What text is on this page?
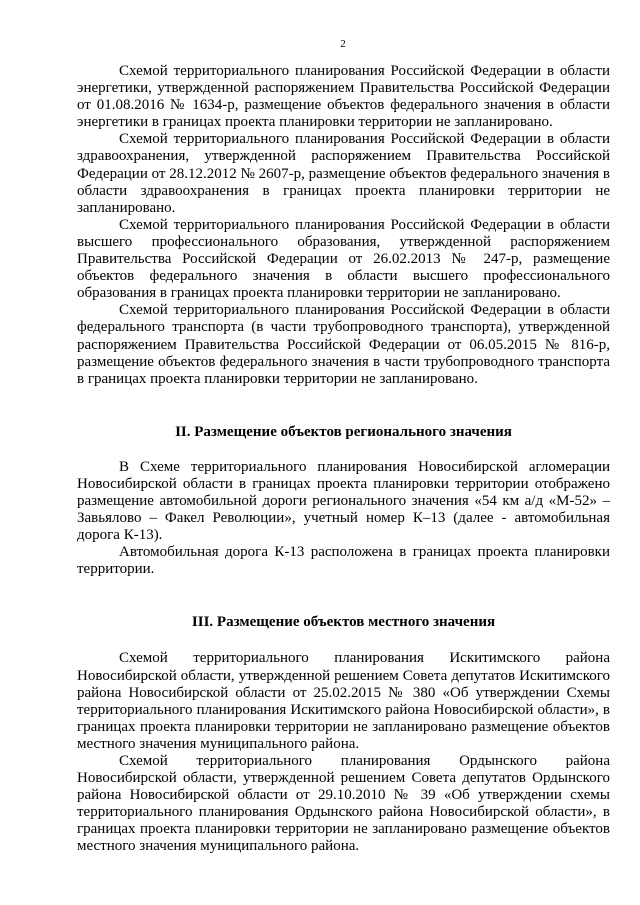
2

Схемой территориального планирования Российской Федерации в области энергетики, утвержденной распоряжением Правительства Российской Федерации от 01.08.2016 № 1634-р, размещение объектов федерального значения в области энергетики в границах проекта планировки территории не запланировано.

Схемой территориального планирования Российской Федерации в области здравоохранения, утвержденной распоряжением Правительства Российской Федерации от 28.12.2012 № 2607-р, размещение объектов федерального значения в области здравоохранения в границах проекта планировки территории не запланировано.

Схемой территориального планирования Российской Федерации в области высшего профессионального образования, утвержденной распоряжением Правительства Российской Федерации от 26.02.2013 № 247-р, размещение объектов федерального значения в области высшего профессионального образования в границах проекта планировки территории не запланировано.

Схемой территориального планирования Российской Федерации в области федерального транспорта (в части трубопроводного транспорта), утвержденной распоряжением Правительства Российской Федерации от 06.05.2015 № 816-р, размещение объектов федерального значения в части трубопроводного транспорта в границах проекта планировки территории не запланировано.

II. Размещение объектов регионального значения

В Схеме территориального планирования Новосибирской агломерации Новосибирской области в границах проекта планировки территории отображено размещение автомобильной дороги регионального значения «54 км а/д «М-52» – Завьялово – Факел Революции», учетный номер К–13 (далее - автомобильная дорога К-13).

Автомобильная дорога К-13 расположена в границах проекта планировки территории.

III. Размещение объектов местного значения

Схемой территориального планирования Искитимского района Новосибирской области, утвержденной решением Совета депутатов Искитимского района Новосибирской области от 25.02.2015 № 380 «Об утверждении Схемы территориального планирования Искитимского района Новосибирской области», в границах проекта планировки территории не запланировано размещение объектов местного значения муниципального района.

Схемой территориального планирования Ордынского района Новосибирской области, утвержденной решением Совета депутатов Ордынского района Новосибирской области от 29.10.2010 № 39 «Об утверждении схемы территориального планирования Ордынского района Новосибирской области», в границах проекта планировки территории не запланировано размещение объектов местного значения муниципального района.
